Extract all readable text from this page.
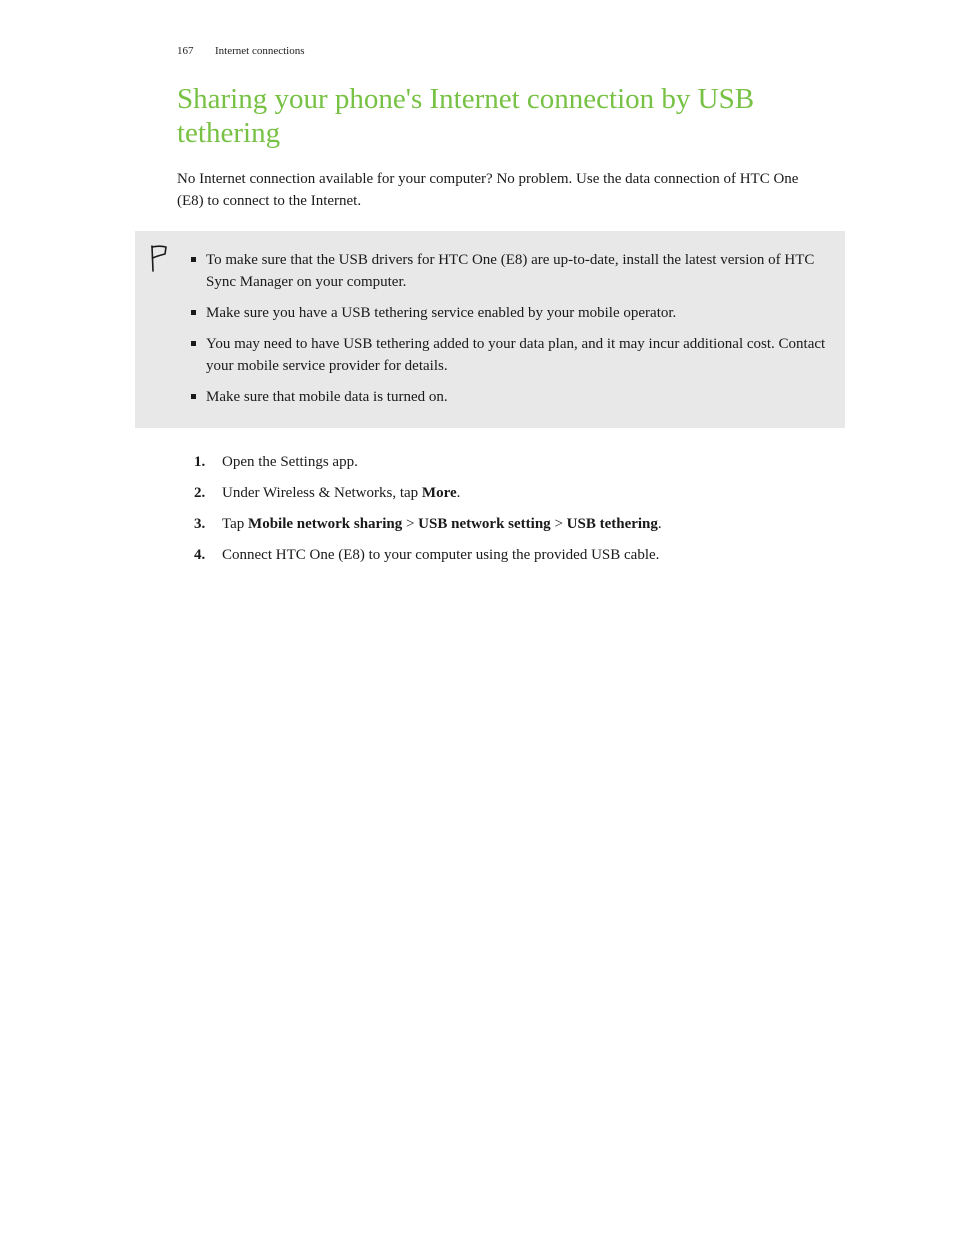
167 Internet connections
Sharing your phone's Internet connection by USB tethering

No Internet connection available for your computer? No problem. Use the data connection of HTC One (E8) to connect to the Internet.

To make sure that the USB drivers for HTC One (E8) are up-to-date, install the latest version of HTC Sync Manager on your computer.
Make sure you have a USB tethering service enabled by your mobile operator.
You may need to have USB tethering added to your data plan, and it may incur additional cost. Contact your mobile service provider for details.
Make sure that mobile data is turned on.
1. Open the Settings app.
2. Under Wireless & Networks, tap More.
3. Tap Mobile network sharing > USB network setting > USB tethering.
4. Connect HTC One (E8) to your computer using the provided USB cable.
